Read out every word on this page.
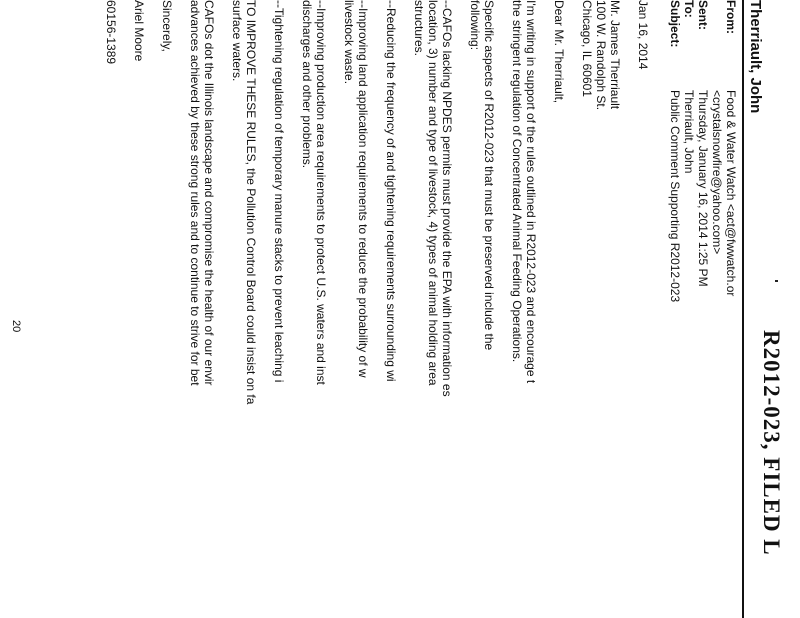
R2012-023, FILED L
Therriault, John
From:
Sent:
To:
Subject:
Food & Water Watch <act@fwwatch.or
<crystalsnowfire@yahoo.com>
Thursday, January 16, 2014 1:25 PM
Therriault, John
Public Comment Supporting R2012-023
Jan 16, 2014
Mr. James Therriault
100 W. Randolph St.
Chicago, IL 60601
Dear Mr. Therriault,
I'm writing in support of the rules outlined in R2012-023 and encourage t
the stringent regulation of Concentrated Animal Feeding Operations.
Specific aspects of R2012-023 that must be preserved include the
following:
--CAFOs lacking NPDES permits must provide the EPA with information es
location, 3) number and type of livestock, 4) types of animal holding area
structures.
--Reducing the frequency of and tightening requirements surrounding wi
--Improving land application requirements to reduce the probability of w
livestock waste.
--Improving production area requirements to protect U.S. waters and inst
discharges and other problems.
--Tightening regulation of temporary manure stacks to prevent leaching i
TO IMPROVE THESE RULES, the Pollution Control Board could insist on fa
surface waters.
CAFOs dot the Illinois landscape and compromise the health of our envir
advances achieved by these strong rules and to continue to strive for bet
Sincerely,
Ariel Moore
60156-1389
20
